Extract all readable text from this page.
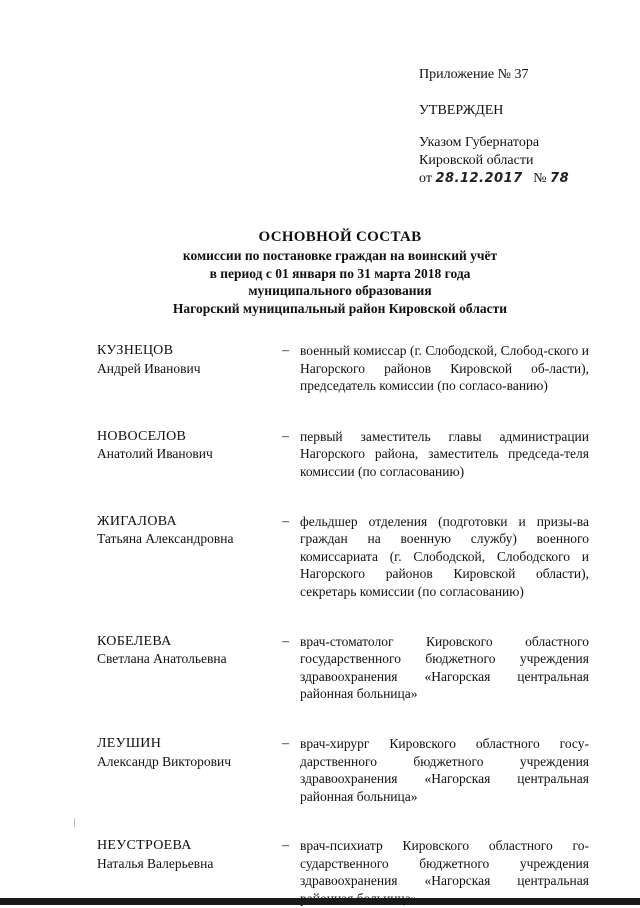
Приложение № 37
УТВЕРЖДЕН
Указом Губернатора
Кировской области
от 28.12.2017 № 78
ОСНОВНОЙ СОСТАВ
комиссии по постановке граждан на воинский учёт
в период с 01 января по 31 марта 2018 года
муниципального образования
Нагорский муниципальный район Кировской области
КУЗНЕЦОВ
Андрей Иванович
– военный комиссар (г. Слободской, Слобод-ского и Нагорского районов Кировской об-ласти), председатель комиссии (по согласо-ванию)
НОВОСЕЛОВ
Анатолий Иванович
– первый заместитель главы администрации Нагорского района, заместитель председа-теля комиссии (по согласованию)
ЖИГАЛОВА
Татьяна Александровна
– фельдшер отделения (подготовки и призы-ва граждан на военную службу) военного комиссариата (г. Слободской, Слободского и Нагорского районов Кировской области), секретарь комиссии (по согласованию)
КОБЕЛЕВА
Светлана Анатольевна
– врач-стоматолог Кировского областного государственного бюджетного учреждения здравоохранения «Нагорская центральная районная больница»
ЛЕУШИН
Александр Викторович
– врач-хирург Кировского областного госу-дарственного бюджетного учреждения здравоохранения «Нагорская центральная районная больница»
НЕУСТРОЕВА
Наталья Валерьевна
– врач-психиатр Кировского областного го-сударственного бюджетного учреждения здравоохранения «Нагорская центральная
